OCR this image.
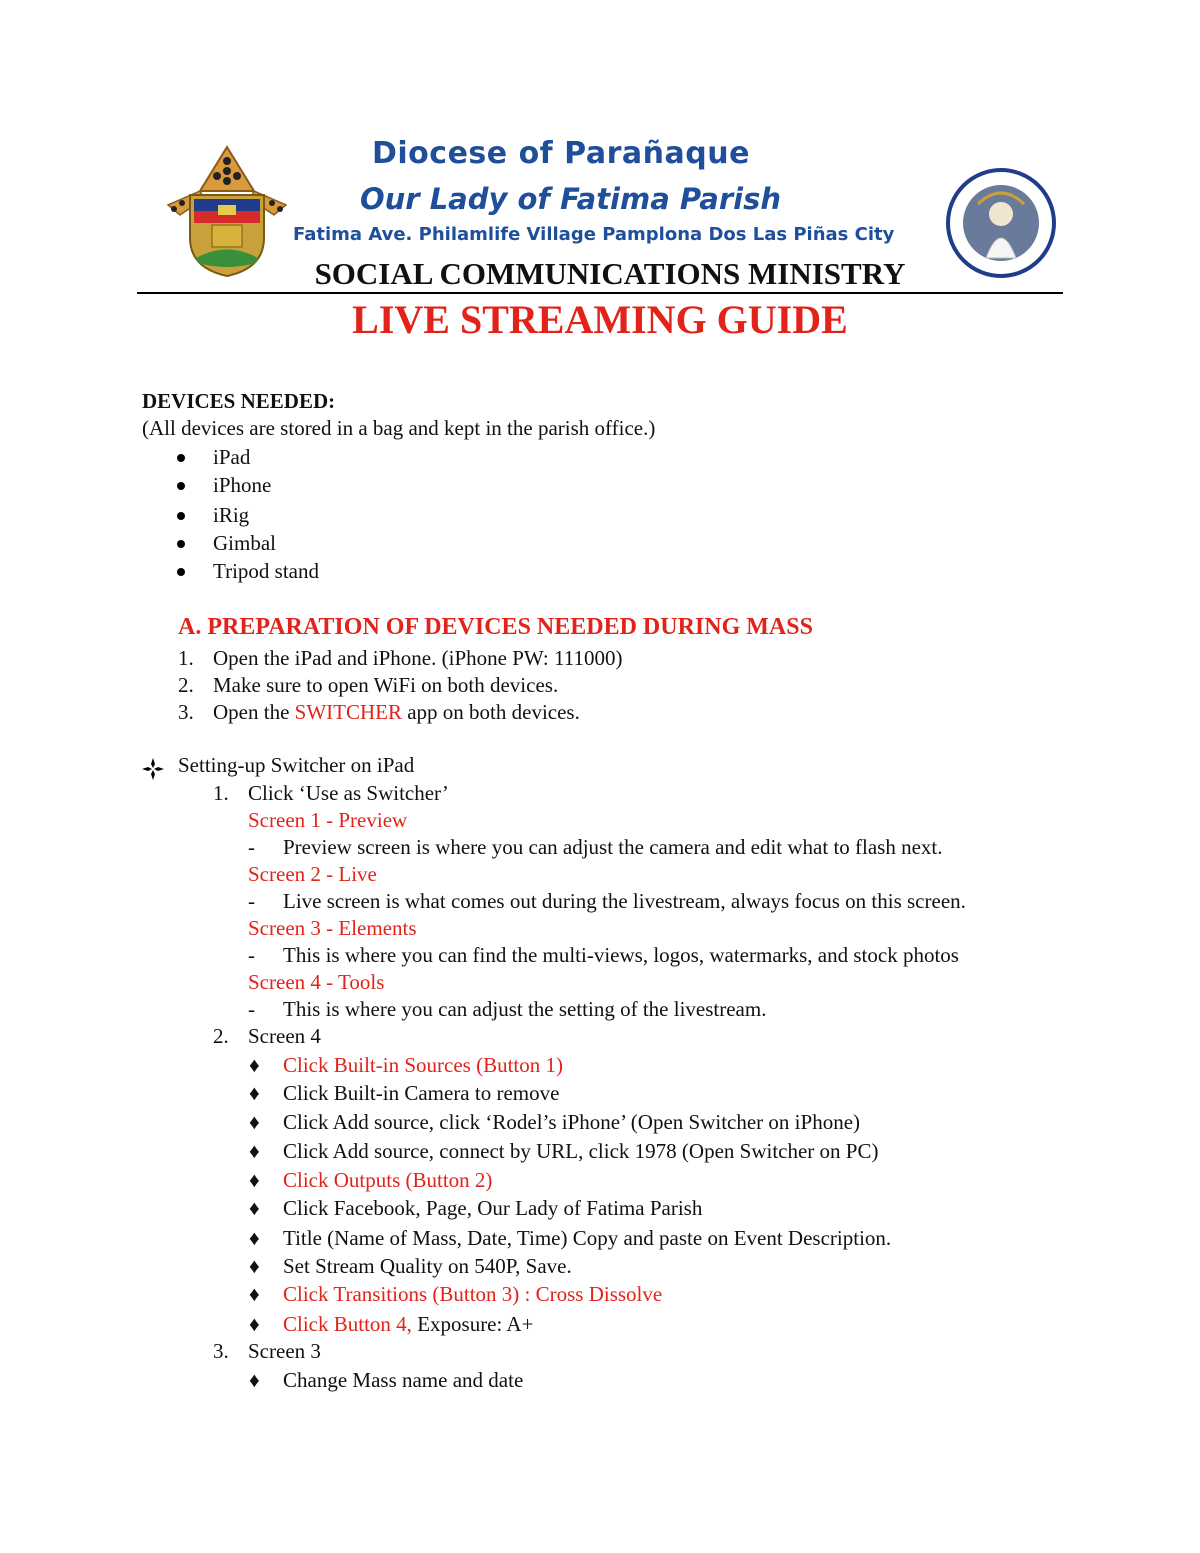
Diocese of Parañaque
Our Lady of Fatima Parish
Fatima Ave. Philamlife Village Pamplona Dos Las Piñas City
SOCIAL COMMUNICATIONS MINISTRY
LIVE STREAMING GUIDE
DEVICES NEEDED:
(All devices are stored in a bag and kept in the parish office.)
iPad
iPhone
iRig
Gimbal
Tripod stand
A. PREPARATION OF DEVICES NEEDED DURING MASS
1. Open the iPad and iPhone. (iPhone PW: 111000)
2. Make sure to open WiFi on both devices.
3. Open the SWITCHER app on both devices.
Setting-up Switcher on iPad
1. Click ‘Use as Switcher’
Screen 1 - Preview
- Preview screen is where you can adjust the camera and edit what to flash next.
Screen 2 - Live
- Live screen is what comes out during the livestream, always focus on this screen.
Screen 3 - Elements
- This is where you can find the multi-views, logos, watermarks, and stock photos
Screen 4 - Tools
- This is where you can adjust the setting of the livestream.
2. Screen 4
♦ Click Built-in Sources (Button 1)
♦ Click Built-in Camera to remove
♦ Click Add source, click ‘Rodel’s iPhone’ (Open Switcher on iPhone)
♦ Click Add source, connect by URL, click 1978 (Open Switcher on PC)
♦ Click Outputs (Button 2)
♦ Click Facebook, Page, Our Lady of Fatima Parish
♦ Title (Name of Mass, Date, Time) Copy and paste on Event Description.
♦ Set Stream Quality on 540P, Save.
♦ Click Transitions (Button 3) : Cross Dissolve
♦ Click Button 4, Exposure: A+
3. Screen 3
♦ Change Mass name and date
